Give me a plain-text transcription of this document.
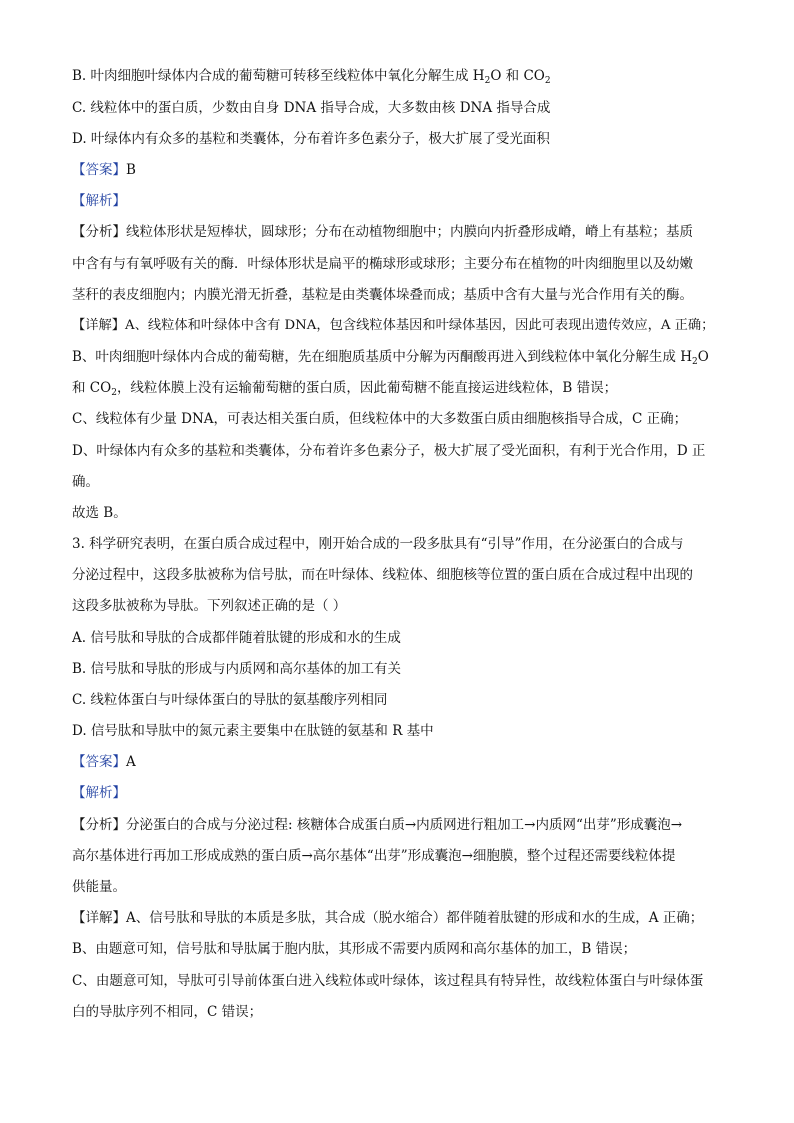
B. 叶肉细胞叶绿体内合成的葡萄糖可转移至线粒体中氧化分解生成 $H_2O$ 和 $CO_2$
C. 线粒体中的蛋白质，少数由自身 DNA 指导合成，大多数由核 DNA 指导合成
D. 叶绿体内有众多的基粒和类囊体，分布着许多色素分子，极大扩展了受光面积
【答案】B
【解析】
【分析】线粒体形状是短棒状，圆球形；分布在动植物细胞中；内膜向内折叠形成嵴，嵴上有基粒；基质
中含有与有氧呼吸有关的酶．叶绿体形状是扁平的椭球形或球形；主要分布在植物的叶肉细胞里以及幼嫩
茎秆的表皮细胞内；内膜光滑无折叠，基粒是由类囊体垛叠而成；基质中含有大量与光合作用有关的酶。
【详解】A、线粒体和叶绿体中含有 DNA，包含线粒体基因和叶绿体基因，因此可表现出遗传效应，A 正确；
B、叶肉细胞叶绿体内合成的葡萄糖，先在细胞质基质中分解为丙酮酸再进入到线粒体中氧化分解生成 $H_2O$
和 $CO_2$，线粒体膜上没有运输葡萄糖的蛋白质，因此葡萄糖不能直接运进线粒体，B 错误；
C、线粒体有少量 DNA，可表达相关蛋白质，但线粒体中的大多数蛋白质由细胞核指导合成，C 正确；
D、叶绿体内有众多的基粒和类囊体，分布着许多色素分子，极大扩展了受光面积，有利于光合作用，D 正
确。
故选 B。
3. 科学研究表明，在蛋白质合成过程中，刚开始合成的一段多肽具有“引导”作用，在分泌蛋白的合成与
分泌过程中，这段多肽被称为信号肽，而在叶绿体、线粒体、细胞核等位置的蛋白质在合成过程中出现的
这段多肽被称为导肽。下列叙述正确的是（ ）
A. 信号肽和导肽的合成都伴随着肽键的形成和水的生成
B. 信号肽和导肽的形成与内质网和高尔基体的加工有关
C. 线粒体蛋白与叶绿体蛋白的导肽的氨基酸序列相同
D. 信号肽和导肽中的氮元素主要集中在肽链的氨基和 R 基中
【答案】A
【解析】
【分析】分泌蛋白的合成与分泌过程: 核糖体合成蛋白质→内质网进行粗加工→内质网“出芽”形成囊泡→
高尔基体进行再加工形成成熟的蛋白质→高尔基体“出芽”形成囊泡→细胞膜，整个过程还需要线粒体提
供能量。
【详解】A、信号肽和导肽的本质是多肽，其合成（脱水缩合）都伴随着肽键的形成和水的生成，A 正确；
B、由题意可知，信号肽和导肽属于胞内肽，其形成不需要内质网和高尔基体的加工，B 错误；
C、由题意可知，导肽可引导前体蛋白进入线粒体或叶绿体，该过程具有特异性，故线粒体蛋白与叶绿体蛋
白的导肽序列不相同，C 错误；
